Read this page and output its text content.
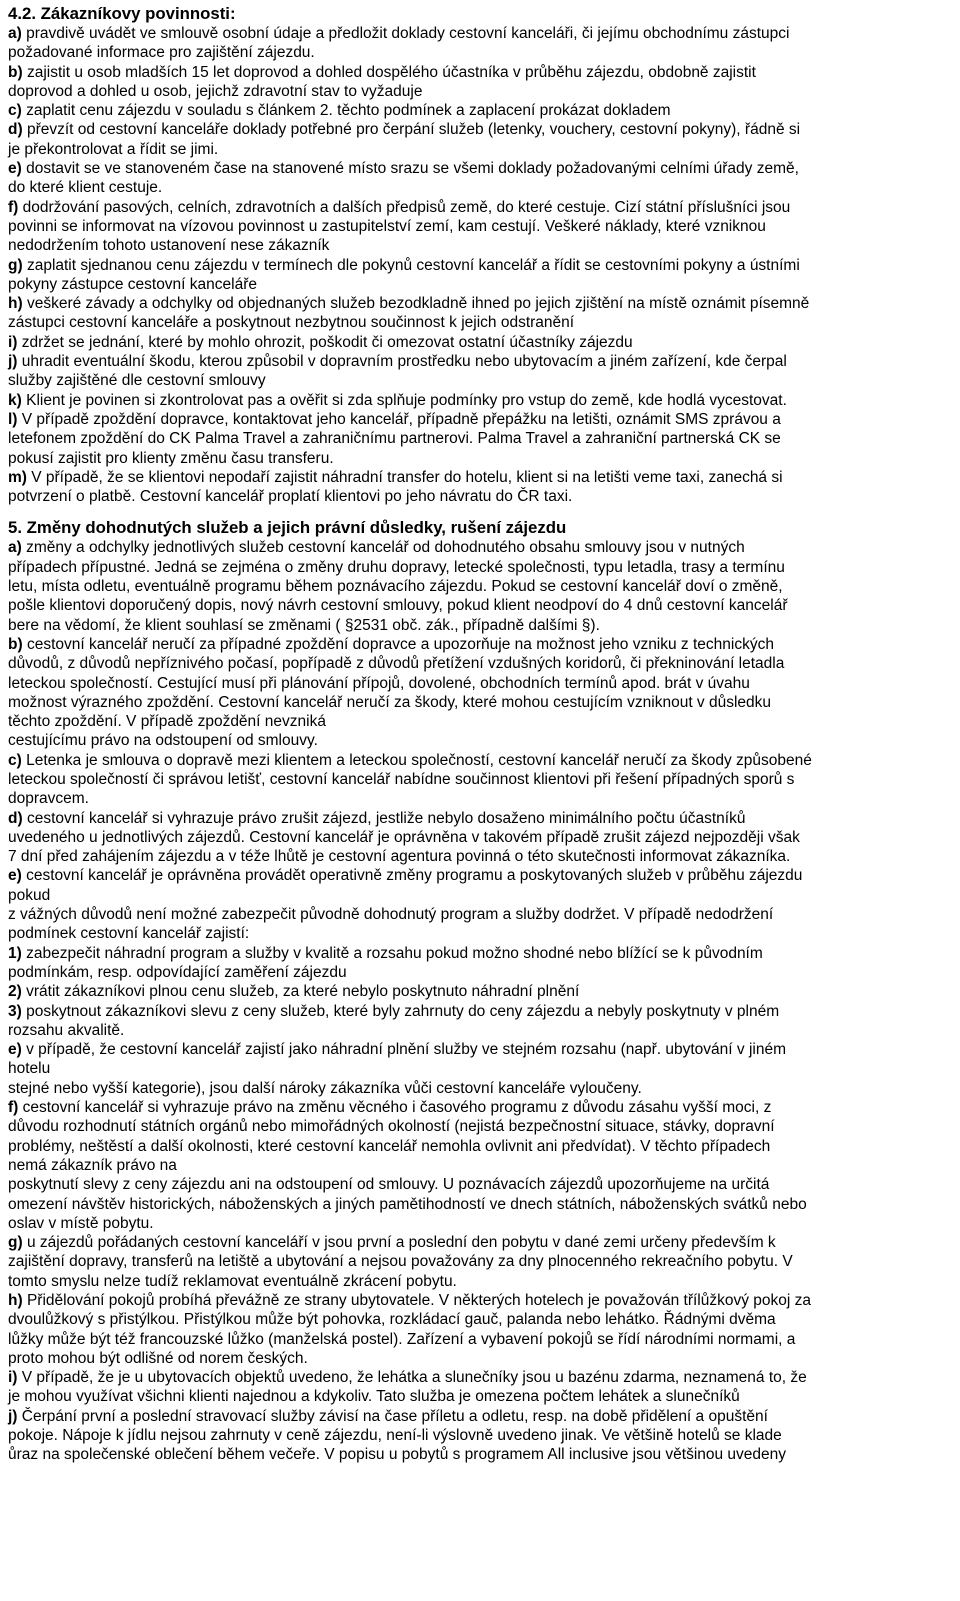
4.2. Zákazníkovy povinnosti:

a) pravdivě uvádět ve smlouvě osobní údaje a předložit doklady cestovní kanceláři, či jejímu obchodnímu zástupci
požadované informace pro zajištění zájezdu.

b) zajistit u osob mladších 15 let doprovod a dohled dospělého účastníka v průběhu zájezdu, obdobně zajistit
doprovod a dohled u osob, jejichž zdravotní stav to vyžaduje

c) zaplatit cenu zájezdu v souladu s článkem 2. těchto podmínek a zaplacení prokázat dokladem

d) převzít od cestovní kanceláře doklady potřebné pro čerpání služeb (letenky, vouchery, cestovní pokyny), řádně si
je překontrolovat a řídit se jimi.

e) dostavit se ve stanoveném čase na stanovené místo srazu se všemi doklady požadovanými celními úřady země,
do které klient cestuje.

f) dodržování pasových, celních, zdravotních a dalších předpisů země, do které cestuje. Cizí státní příslušníci jsou
povinni se informovat na vízovou povinnost u zastupitelství zemí, kam cestují. Veškeré náklady, které vzniknou
nedodržením tohoto ustanovení nese zákazník

g) zaplatit sjednanou cenu zájezdu v termínech dle pokynů cestovní kancelář a řídit se cestovními pokyny a ústními
pokyny zástupce cestovní kanceláře

h) veškeré závady a odchylky od objednaných služeb bezodkladně ihned po jejich zjištění na místě oznámit písemně
zástupci cestovní kanceláře a poskytnout nezbytnou součinnost k jejich odstranění

i) zdržet se jednání, které by mohlo ohrozit, poškodit či omezovat ostatní účastníky zájezdu

j) uhradit eventuální škodu, kterou způsobil v dopravním prostředku nebo ubytovacím a jiném zařízení, kde čerpal
služby zajištěné dle cestovní smlouvy

k) Klient je povinen si zkontrolovat pas a ověřit si zda splňuje podmínky pro vstup do země, kde hodlá vycestovat.

l) V případě zpoždění dopravce, kontaktovat jeho kancelář, případně přepážku na letišti, oznámit SMS zprávou a
letefonem zpoždění do CK Palma Travel a zahraničnímu partnerovi. Palma Travel a zahraniční partnerská CK se
pokusí zajistit pro klienty změnu času transferu.

m) V případě, že se klientovi nepodaří zajistit náhradní transfer do hotelu, klient si na letišti veme taxi, zanechá si
potvrzení o platbě. Cestovní kancelář proplatí klientovi po jeho návratu do ČR taxi.

5. Změny dohodnutých služeb a jejich právní důsledky, rušení zájezdu

a) změny a odchylky jednotlivých služeb cestovní kancelář od dohodnutého obsahu smlouvy jsou v nutných
případech přípustné. Jedná se zejména o změny druhu dopravy, letecké společnosti, typu letadla, trasy a termínu
letu, místa odletu, eventuálně programu během poznávacího zájezdu. Pokud se cestovní kancelář doví o změně,
pošle klientovi doporučený dopis, nový návrh cestovní smlouvy, pokud klient neodpoví do 4 dnů cestovní kancelář
bere na vědomí, že klient souhlasí se změnami ( §2531 obč. zák., případně dalšími §).

b) cestovní kancelář neručí za případné zpoždění dopravce a upozorňuje na možnost jeho vzniku z technických
důvodů, z důvodů nepříznivého počasí, popřípadě z důvodů přetížení vzdušných koridorů, či překninování letadla
leteckou společností. Cestující musí při plánování přípojů, dovolené, obchodních termínů apod. brát v úvahu
možnost výrazného zpoždění. Cestovní kancelář neručí za škody, které mohou cestujícím vzniknout v důsledku
těchto zpoždění. V případě zpoždění nevzniká
cestujícímu právo na odstoupení od smlouvy.

c) Letenka je smlouva o dopravě mezi klientem a leteckou společností, cestovní kancelář neručí za škody způsobené
leteckou společností či správou letišť, cestovní kancelář nabídne součinnost klientovi při řešení případných sporů s
dopravcem.

d) cestovní kancelář si vyhrazuje právo zrušit zájezd, jestliže nebylo dosaženo minimálního počtu účastníků
uvedeného u jednotlivých zájezdů. Cestovní kancelář je oprávněna v takovém případě zrušit zájezd nejpozději však
7 dní před zahájením zájezdu a v téže lhůtě je cestovní agentura povinná o této skutečnosti informovat zákazníka.

e) cestovní kancelář je oprávněna provádět operativně změny programu a poskytovaných služeb v průběhu zájezdu
pokud
z vážných důvodů není možné zabezpečit původně dohodnutý program a služby dodržet. V případě nedodržení
podmínek cestovní kancelář zajistí:

1) zabezpečit náhradní program a služby v kvalitě a rozsahu pokud možno shodné nebo blížící se k původním
podmínkám, resp. odpovídající zaměření zájezdu

2) vrátit zákazníkovi plnou cenu služeb, za které nebylo poskytnuto náhradní plnění

3) poskytnout zákazníkovi slevu z ceny služeb, které byly zahrnuty do ceny zájezdu a nebyly poskytnuty v plném
rozsahu akvalitě.

e) v případě, že cestovní kancelář zajistí jako náhradní plnění služby ve stejném rozsahu (např. ubytování v jiném
hotelu
stejné nebo vyšší kategorie), jsou další nároky zákazníka vůči cestovní kanceláře vyloučeny.

f) cestovní kancelář si vyhrazuje právo na změnu věcného i časového programu z důvodu zásahu vyšší moci, z
důvodu rozhodnutí státních orgánů nebo mimořádných okolností (nejistá bezpečnostní situace, stávky, dopravní
problémy, neštěstí a další okolnosti, které cestovní kancelář nemohla ovlivnit ani předvídat). V těchto případech
nemá zákazník právo na
poskytnutí slevy z ceny zájezdu ani na odstoupení od smlouvy. U poznávacích zájezdů upozorňujeme na určitá
omezení návštěv historických, náboženských a jiných pamětihodností ve dnech státních, náboženských svátků nebo
oslav v místě pobytu.

g) u zájezdů pořádaných cestovní kanceláří v jsou první a poslední den pobytu v dané zemi určeny především k
zajištění dopravy, transferů na letiště a ubytování a nejsou považovány za dny plnocenného rekreačního pobytu. V
tomto smyslu nelze tudíž reklamovat eventuálně zkrácení pobytu.

h) Přidělování pokojů probíhá převážně ze strany ubytovatele. V některých hotelech je považován třílůžkový pokoj za
dvoulůžkový s přistýlkou. Přistýlkou může být pohovka, rozkládací gauč, palanda nebo lehátko. Řádnými dvěma
lůžky může být též francouzské lůžko (manželská postel). Zařízení a vybavení pokojů se řídí národními normami, a
proto mohou být odlišné od norem českých.

i) V případě, že je u ubytovacích objektů uvedeno, že lehátka a slunečníky jsou u bazénu zdarma, neznamená to, že
je mohou využívat všichni klienti najednou a kdykoliv. Tato služba je omezena počtem lehátek a slunečníků

j) Čerpání první a poslední stravovací služby závisí na čase příletu a odletu, resp. na době přidělení a opuštění
pokoje. Nápoje k jídlu nejsou zahrnuty v ceně zájezdu, není-li výslovně uvedeno jinak. Ve většině hotelů se klade
ůraz na společenské oblečení během večeře. V popisu u pobytů s programem All inclusive jsou většinou uvedeny
